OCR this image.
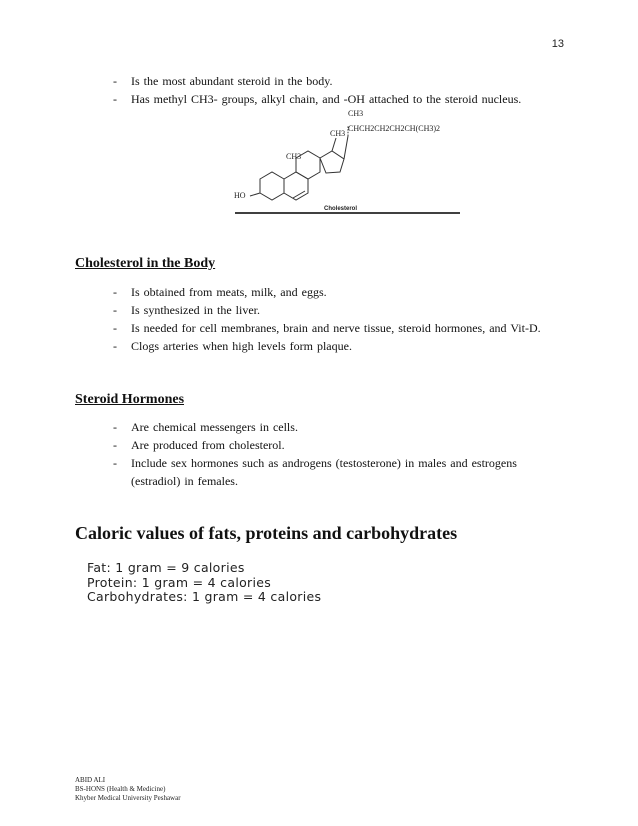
13
- Is the most abundant steroid in the body.
- Has methyl CH3- groups, alkyl chain, and -OH attached to the steroid nucleus.
CH3
CHCH2CH2CH2CH(CH3)2
CH3
CH3
HO
Cholesterol
Cholesterol in the Body
- Is obtained from meats, milk, and eggs.
- Is synthesized in the liver.
- Is needed for cell membranes, brain and nerve tissue, steroid hormones, and Vit-D.
- Clogs arteries when high levels form plaque.
Steroid Hormones
- Are chemical messengers in cells.
- Are produced from cholesterol.
- Include sex hormones such as androgens (testosterone) in males and estrogens (estradiol) in females.
Caloric values of fats, proteins and carbohydrates
Fat: 1 gram = 9 calories
Protein: 1 gram = 4 calories
Carbohydrates: 1 gram = 4 calories
ABID ALI
BS-HONS (Health & Medicine)
Khyber Medical University Peshawar
